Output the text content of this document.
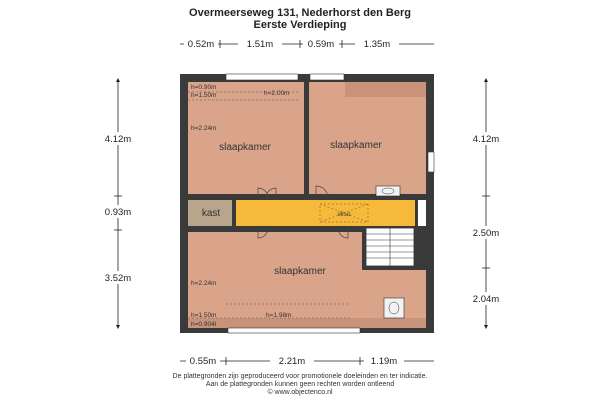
Overmeerseweg 131, Nederhorst den Berg
Eerste Verdieping
0.52m	1.51m	0.59m	1.35m
4.12m
0.93m
3.52m
4.12m
2.50m
2.04m
0.55m	2.21m	1.19m
slaapkamer	slaapkamer
slaapkamer
kast	vliso
h=0.90m
h=1.50m	h=2.00m
h=2.24m
h=2.24m
h=1.50m	h=1.98m
h=0.904l
De plattegronden zijn geproduceerd voor promotionele doeleinden en ter indicatie.
Aan de plattegronden kunnen geen rechten worden ontleend
© www.objectenco.nl
